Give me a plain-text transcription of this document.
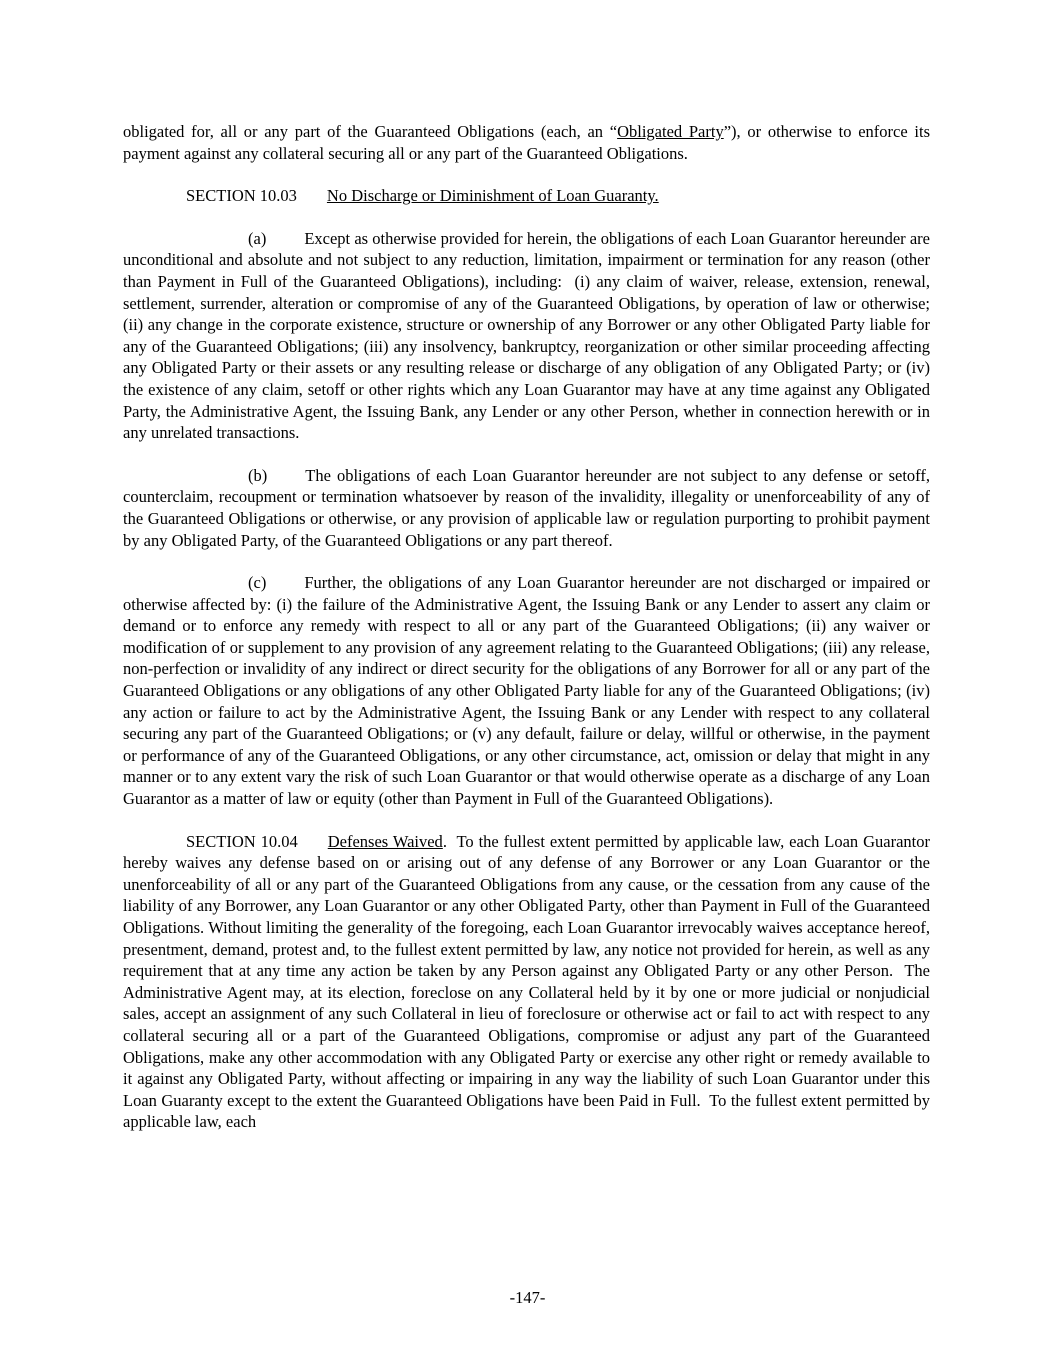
obligated for, all or any part of the Guaranteed Obligations (each, an “Obligated Party”), or otherwise to enforce its payment against any collateral securing all or any part of the Guaranteed Obligations.

SECTION 10.03 No Discharge or Diminishment of Loan Guaranty.

(a) Except as otherwise provided for herein, the obligations of each Loan Guarantor hereunder are unconditional and absolute and not subject to any reduction, limitation, impairment or termination for any reason (other than Payment in Full of the Guaranteed Obligations), including:  (i) any claim of waiver, release, extension, renewal, settlement, surrender, alteration or compromise of any of the Guaranteed Obligations, by operation of law or otherwise; (ii) any change in the corporate existence, structure or ownership of any Borrower or any other Obligated Party liable for any of the Guaranteed Obligations; (iii) any insolvency, bankruptcy, reorganization or other similar proceeding affecting any Obligated Party or their assets or any resulting release or discharge of any obligation of any Obligated Party; or (iv) the existence of any claim, setoff or other rights which any Loan Guarantor may have at any time against any Obligated Party, the Administrative Agent, the Issuing Bank, any Lender or any other Person, whether in connection herewith or in any unrelated transactions.

(b) The obligations of each Loan Guarantor hereunder are not subject to any defense or setoff, counterclaim, recoupment or termination whatsoever by reason of the invalidity, illegality or unenforceability of any of the Guaranteed Obligations or otherwise, or any provision of applicable law or regulation purporting to prohibit payment by any Obligated Party, of the Guaranteed Obligations or any part thereof.

(c) Further, the obligations of any Loan Guarantor hereunder are not discharged or impaired or otherwise affected by: (i) the failure of the Administrative Agent, the Issuing Bank or any Lender to assert any claim or demand or to enforce any remedy with respect to all or any part of the Guaranteed Obligations; (ii) any waiver or modification of or supplement to any provision of any agreement relating to the Guaranteed Obligations; (iii) any release, non-perfection or invalidity of any indirect or direct security for the obligations of any Borrower for all or any part of the Guaranteed Obligations or any obligations of any other Obligated Party liable for any of the Guaranteed Obligations; (iv) any action or failure to act by the Administrative Agent, the Issuing Bank or any Lender with respect to any collateral securing any part of the Guaranteed Obligations; or (v) any default, failure or delay, willful or otherwise, in the payment or performance of any of the Guaranteed Obligations, or any other circumstance, act, omission or delay that might in any manner or to any extent vary the risk of such Loan Guarantor or that would otherwise operate as a discharge of any Loan Guarantor as a matter of law or equity (other than Payment in Full of the Guaranteed Obligations).

SECTION 10.04 Defenses Waived.  To the fullest extent permitted by applicable law, each Loan Guarantor hereby waives any defense based on or arising out of any defense of any Borrower or any Loan Guarantor or the unenforceability of all or any part of the Guaranteed Obligations from any cause, or the cessation from any cause of the liability of any Borrower, any Loan Guarantor or any other Obligated Party, other than Payment in Full of the Guaranteed Obligations. Without limiting the generality of the foregoing, each Loan Guarantor irrevocably waives acceptance hereof, presentment, demand, protest and, to the fullest extent permitted by law, any notice not provided for herein, as well as any requirement that at any time any action be taken by any Person against any Obligated Party or any other Person.  The Administrative Agent may, at its election, foreclose on any Collateral held by it by one or more judicial or nonjudicial sales, accept an assignment of any such Collateral in lieu of foreclosure or otherwise act or fail to act with respect to any collateral securing all or a part of the Guaranteed Obligations, compromise or adjust any part of the Guaranteed Obligations, make any other accommodation with any Obligated Party or exercise any other right or remedy available to it against any Obligated Party, without affecting or impairing in any way the liability of such Loan Guarantor under this Loan Guaranty except to the extent the Guaranteed Obligations have been Paid in Full.  To the fullest extent permitted by applicable law, each

-147-
